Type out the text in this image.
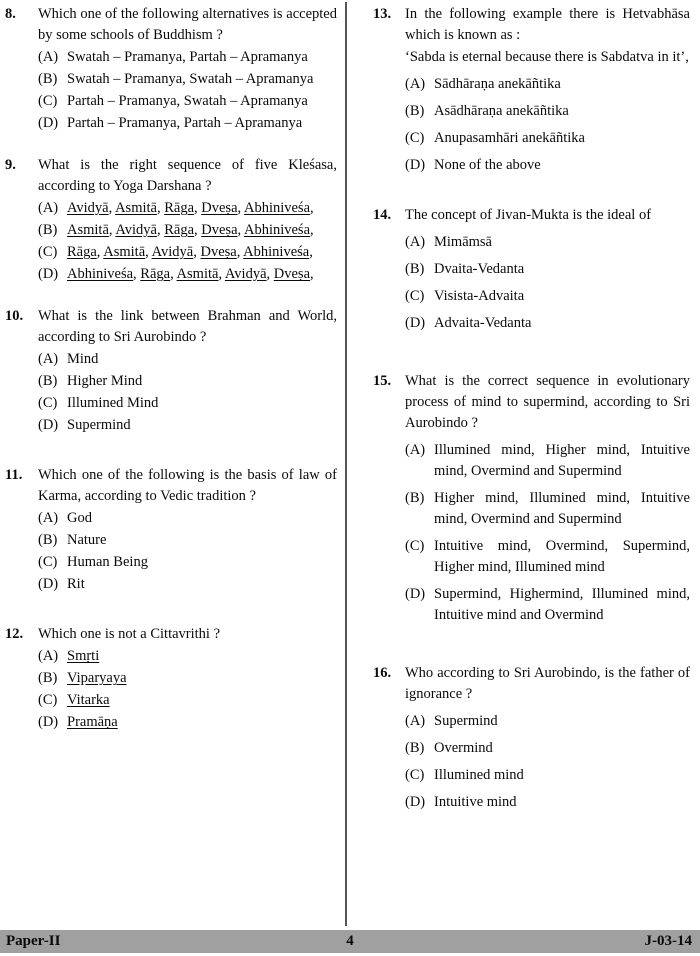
8.	Which one of the following alternatives is accepted by some schools of Buddhism ?

(A) Swatah – Pramanya, Partah – Apramanya
(B) Swatah – Pramanya, Swatah – Apramanya
(C) Partah – Pramanya, Swatah – Apramanya
(D) Partah – Pramanya, Partah – Apramanya
9.	What is the right sequence of five Kleśasa, according to Yoga Darshana ?

(A) Avidyā, Asmitā, Rāga, Dveṣa, Abhiniveśa,
(B) Asmitā, Avidyā, Rāga, Dveṣa, Abhiniveśa,
(C) Rāga, Asmitā, Avidyā, Dveṣa, Abhiniveśa,
(D) Abhiniveśa, Rāga, Asmitā, Avidyā, Dveṣa,
10.	What is the link between Brahman and World, according to Sri Aurobindo ?

(A) Mind
(B) Higher Mind
(C) Illumined Mind
(D) Supermind
11.	Which one of the following is the basis of law of Karma, according to Vedic tradition ?

(A) God
(B) Nature
(C) Human Being
(D) Rit
12.	Which one is not a Cittavrithi ?

(A) Smṛti
(B) Viparyaya
(C) Vitarka
(D) Pramāṇa
13. In the following example there is Hetvabhāsa which is known as :

‘Sabda is eternal because there is Sabdatva in it’,

(A) Sādhāraṇa anekāñtika
(B) Asādhāraṇa anekāñtika
(C) Anupasamhāri anekāñtika
(D) None of the above
14. The concept of Jivan-Mukta is the ideal of

(A) Mimāmsā
(B) Dvaita-Vedanta
(C) Visista-Advaita
(D) Advaita-Vedanta
15. What is the correct sequence in evolutionary process of mind to supermind, according to Sri Aurobindo ?

(A) Illumined mind, Higher mind, Intuitive mind, Overmind and Supermind
(B) Higher mind, Illumined mind, Intuitive mind, Overmind and Supermind
(C) Intuitive mind, Overmind, Supermind, Higher mind, Illumined mind
(D) Supermind, Highermind, Illumined mind, Intuitive mind and Overmind
16. Who according to Sri Aurobindo, is the father of ignorance ?

(A) Supermind
(B) Overmind
(C) Illumined mind
(D) Intuitive mind
Paper-II	4	J-03-14
